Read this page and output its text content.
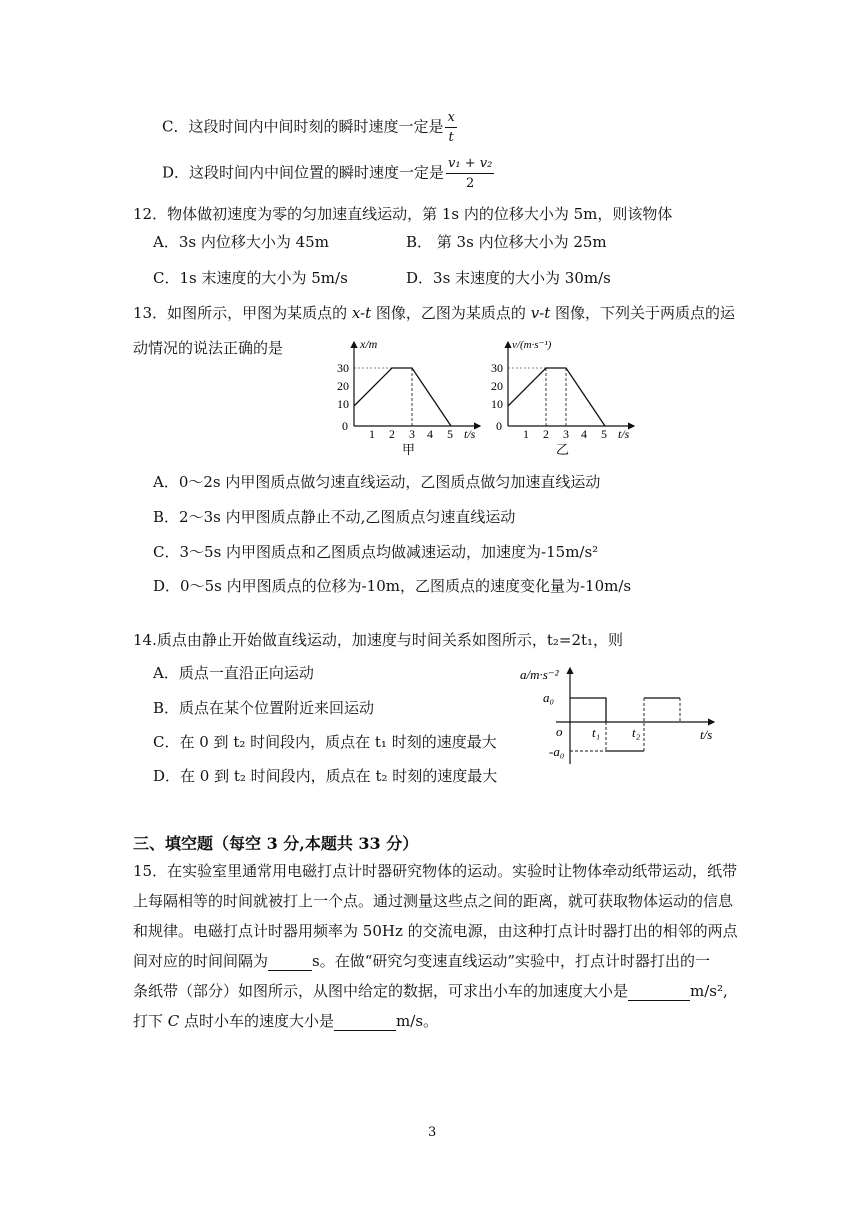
C．这段时间内中间时刻的瞬时速度一定是 $\frac{x}{t}$
D．这段时间内中间位置的瞬时速度一定是 $\frac{\text{v₁ + v₂}}{2}$
12．物体做初速度为零的匀加速直线运动，第 1s 内的位移大小为 5m，则该物体
A．3s 内位移大小为 45m	B． 第 3s 内位移大小为 25m
C．1s 末速度的大小为 5m/s	D．3s 末速度的大小为 30m/s
13．如图所示，甲图为某质点的 x-t 图像，乙图为某质点的 v-t 图像，下列关于两质点的运
动情况的说法正确的是	x/m
t/s
30
20
10
0
1 2 3 4 5
甲
v/(m·s⁻¹)
t/s
30
20
10
0
1 2 3 4 5
乙
A．0～2s 内甲图质点做匀速直线运动，乙图质点做匀加速直线运动
B．2～3s 内甲图质点静止不动,乙图质点匀速直线运动
C．3～5s 内甲图质点和乙图质点均做减速运动，加速度为-15m/s²
D．0～5s 内甲图质点的位移为-10m，乙图质点的速度变化量为-10m/s
14.质点由静止开始做直线运动，加速度与时间关系如图所示，t₂=2t₁，则
A．质点一直沿正向运动
B．质点在某个位置附近来回运动
C．在 0 到 t₂ 时间段内，质点在 t₁ 时刻的速度最大
D．在 0 到 t₂ 时间段内，质点在 t₂ 时刻的速度最大
a/m·s⁻²
t/s
o
a₀
-a₀
t₁ t₂
三、填空题（每空 3 分,本题共 33 分）
15．在实验室里通常用电磁打点计时器研究物体的运动。实验时让物体牵动纸带运动，纸带
上每隔相等的时间就被打上一个点。通过测量这些点之间的距离，就可获取物体运动的信息
和规律。电磁打点计时器用频率为 50Hz 的交流电源，由这种打点计时器打出的相邻的两点
间对应的时间间隔为	s。在做“研究匀变速直线运动”实验中，打点计时器打出的一
条纸带（部分）如图所示，从图中给定的数据，可求出小车的加速度大小是	m/s²,
打下 C 点时小车的速度大小是	m/s。
3
